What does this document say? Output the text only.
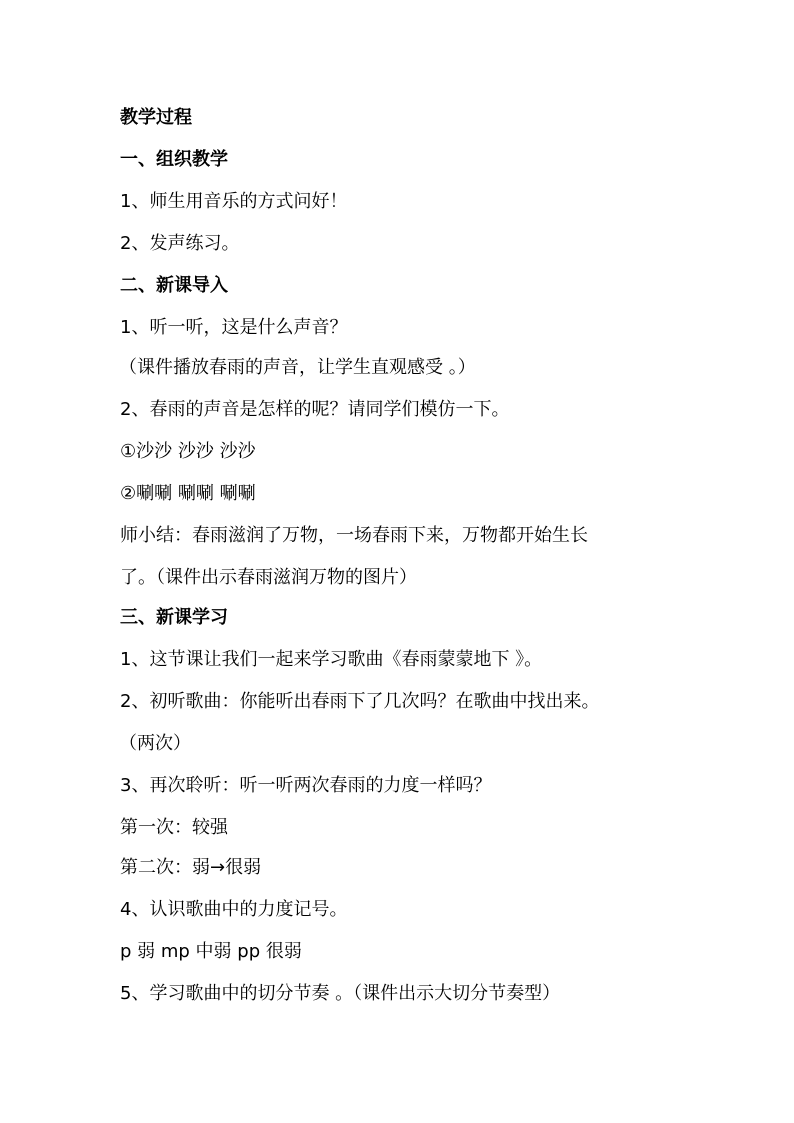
教学过程
一、组织教学
1、师生用音乐的方式问好！
2、发声练习。
二、新课导入
1、听一听，这是什么声音？
（课件播放春雨的声音，让学生直观感受 。）
2、春雨的声音是怎样的呢？请同学们模仿一下。
①沙沙 沙沙 沙沙
②唰唰 唰唰 唰唰
师小结：春雨滋润了万物，一场春雨下来，万物都开始生长
了。（课件出示春雨滋润万物的图片）
三、新课学习
1、这节课让我们一起来学习歌曲《春雨蒙蒙地下 》。
2、初听歌曲：你能听出春雨下了几次吗？在歌曲中找出来。
（两次）
3、再次聆听：听一听两次春雨的力度一样吗？
第一次：较强
第二次：弱→很弱
4、认识歌曲中的力度记号。
p 弱 mp 中弱 pp 很弱
5、学习歌曲中的切分节奏 。（课件出示大切分节奏型）
